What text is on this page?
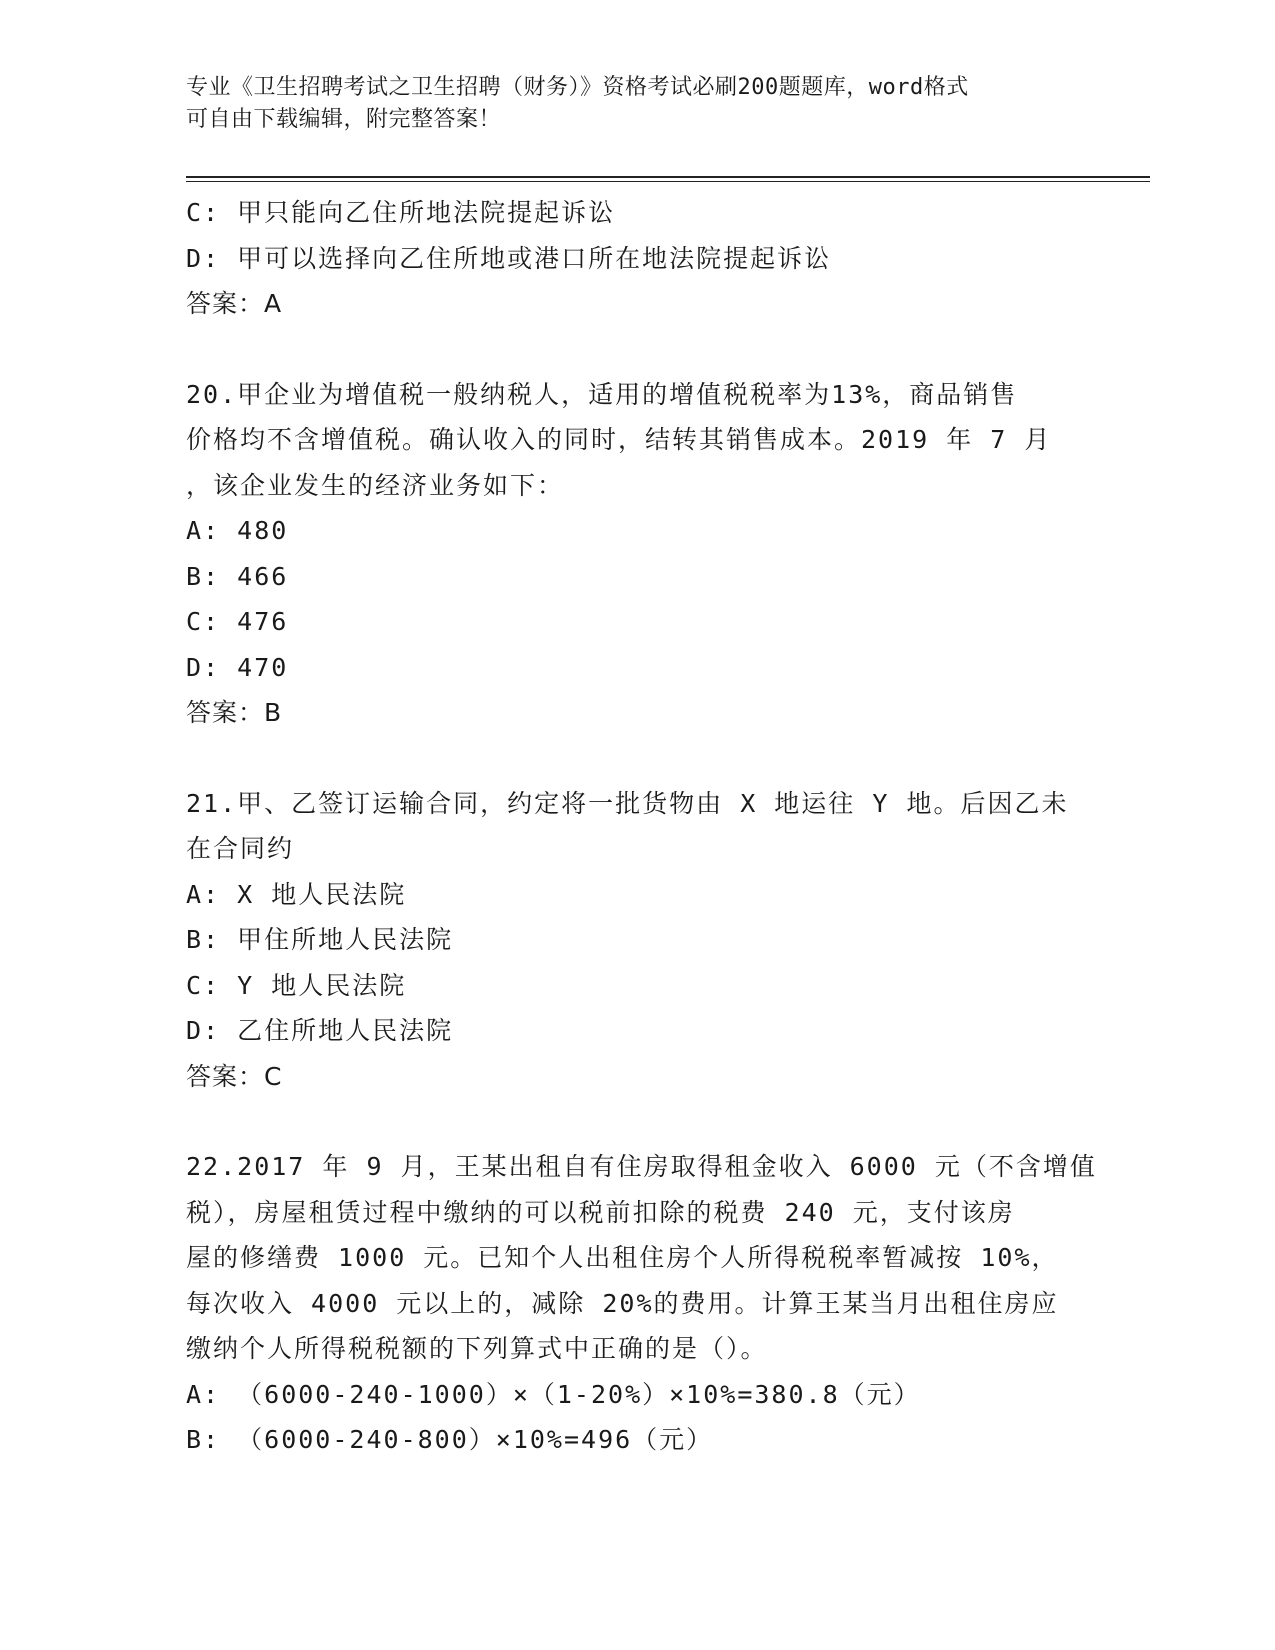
专业《卫生招聘考试之卫生招聘（财务）》资格考试必刷200题题库，word格式
可自由下载编辑，附完整答案！
C: 甲只能向乙住所地法院提起诉讼
D: 甲可以选择向乙住所地或港口所在地法院提起诉讼
答案：A
20.甲企业为增值税一般纳税人，适用的增值税税率为13%，商品销售
价格均不含增值税。确认收入的同时，结转其销售成本。2019 年 7 月
，该企业发生的经济业务如下：
A: 480
B: 466
C: 476
D: 470
答案：B
21.甲、乙签订运输合同，约定将一批货物由 X 地运往 Y 地。后因乙未
在合同约
A: X 地人民法院
B: 甲住所地人民法院
C: Y 地人民法院
D: 乙住所地人民法院
答案：C
22.2017 年 9 月，王某出租自有住房取得租金收入 6000 元（不含增值
税），房屋租赁过程中缴纳的可以税前扣除的税费 240 元，支付该房
屋的修缮费 1000 元。已知个人出租住房个人所得税税率暂减按 10%，
每次收入 4000 元以上的，减除 20%的费用。计算王某当月出租住房应
缴纳个人所得税税额的下列算式中正确的是（）。
A: （6000-240-1000）×（1-20%）×10%=380.8（元）
B: （6000-240-800）×10%=496（元）
